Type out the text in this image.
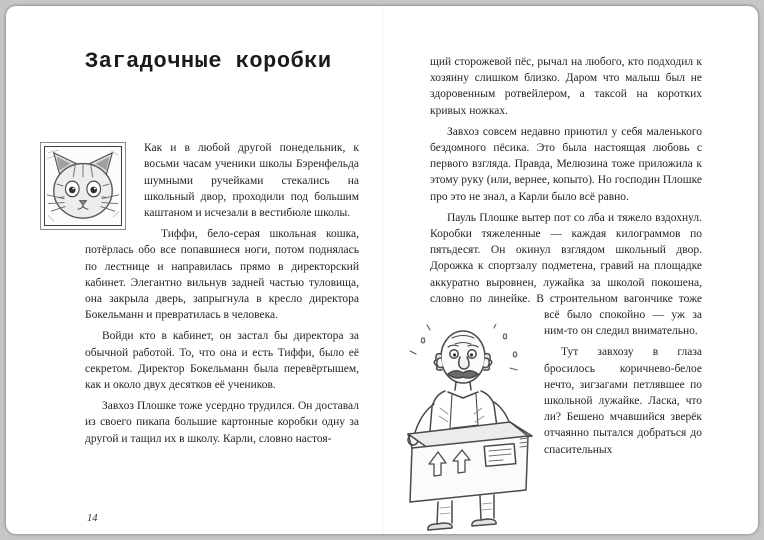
Загадочные коробки

Как и в любой другой понедельник, к восьми часам ученики школы Бэренфельда шумными ручейками стекались на школьный двор, проходили под большим каштаном и исчезали в вестибюле школы.

Тиффи, бело-серая школьная кошка, потёрлась обо все попавшиеся ноги, потом поднялась по лестнице и направилась прямо в директорский кабинет. Элегантно вильнув задней частью туловища, она закрыла дверь, запрыгнула в кресло директора Бокельманн и превратилась в человека.

Войди кто в кабинет, он застал бы директора за обычной работой. То, что она и есть Тиффи, было её секретом. Директор Бокельманн была перевёртышем, как и около двух десятков её учеников.

Завхоз Плошке тоже усердно трудился. Он доставал из своего пикапа большие картонные коробки одну за другой и тащил их в школу. Карли, словно настоя-

щий сторожевой пёс, рычал на любого, кто подходил к хозяину слишком близко. Даром что малыш был не здоровенным ротвейлером, а таксой на коротких кривых ножках.

Завхоз совсем недавно приютил у себя маленького бездомного пёсика. Это была настоящая любовь с первого взгляда. Правда, Мелюзина тоже приложила к этому руку (или, вернее, копыто). Но господин Плошке про это не знал, а Карли было всё равно.

Пауль Плошке вытер пот со лба и тяжело вздохнул. Коробки тяжеленные — каждая килограммов по пятьдесят. Он окинул взглядом школьный двор. Дорожка к спортзалу подметена, гравий на площадке аккуратно выровнен, лужайка за школой покошена, словно по линейке. В строительном вагончике тоже всё было спокойно — уж за ним-то он следил внимательно.

Тут завхозу в глаза бросилось коричнево-белое нечто, зигзагами петлявшее по школьной лужайке. Ласка, что ли? Бешено мчавшийся зверёк отчаянно пытался добраться до спасительных

14
